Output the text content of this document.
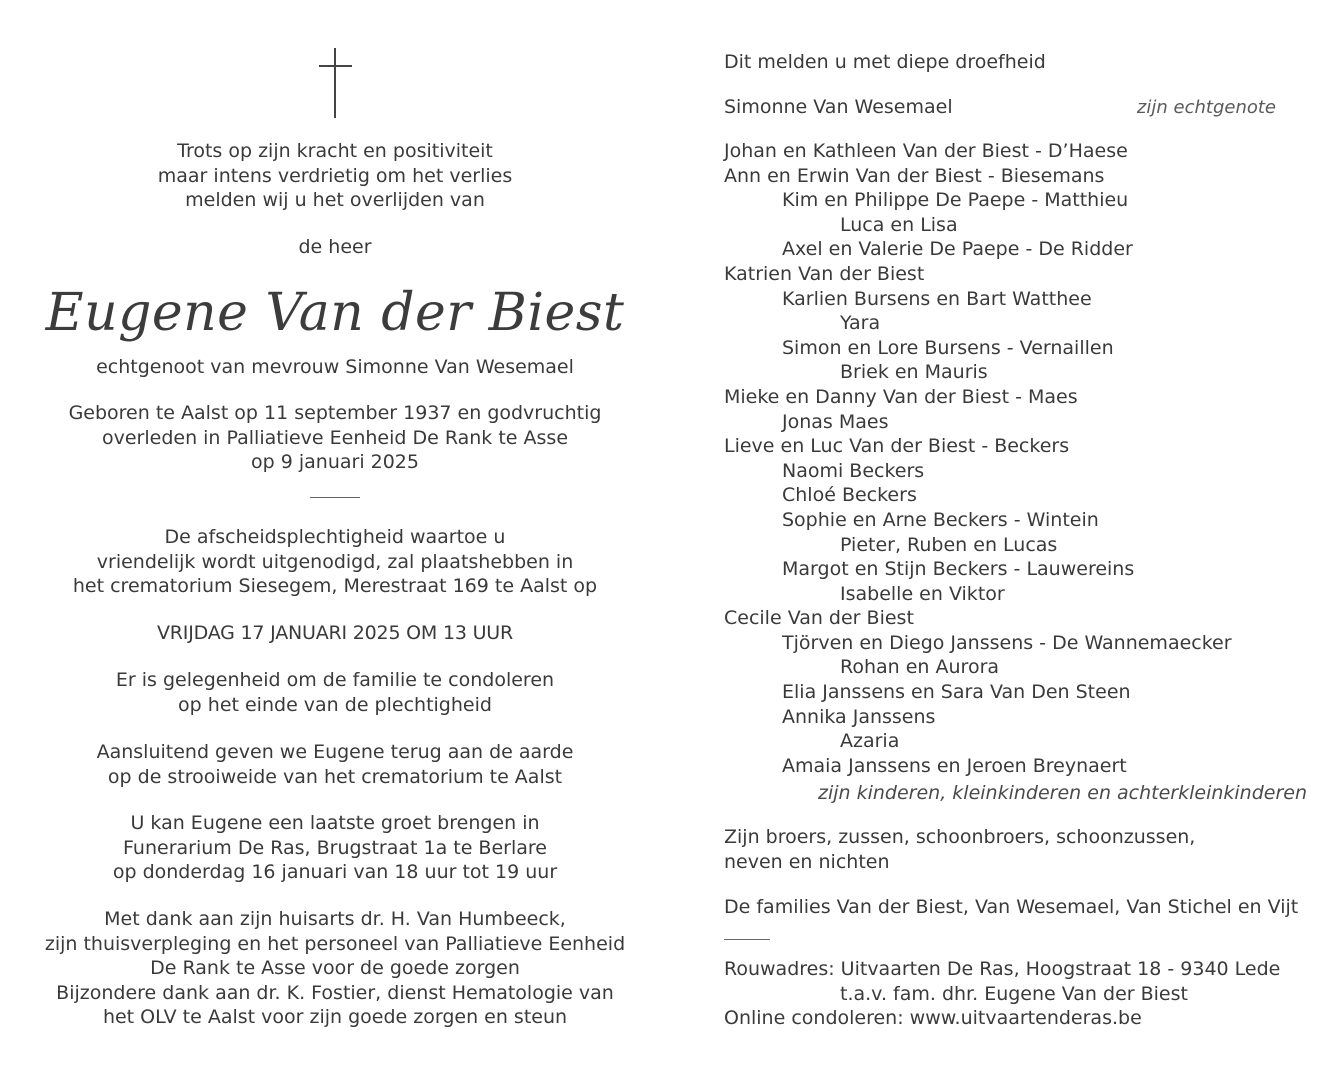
Trots op zijn kracht en positiviteit
maar intens verdrietig om het verlies
melden wij u het overlijden van
de heer
Eugene Van der Biest
echtgenoot van mevrouw Simonne Van Wesemael
Geboren te Aalst op 11 september 1937 en godvruchtig
overleden in Palliatieve Eenheid De Rank te Asse
op 9 januari 2025
De afscheidsplechtigheid waartoe u
vriendelijk wordt uitgenodigd, zal plaatshebben in
het crematorium Siesegem, Merestraat 169 te Aalst op
VRIJDAG 17 JANUARI 2025 OM 13 UUR
Er is gelegenheid om de familie te condoleren
op het einde van de plechtigheid
Aansluitend geven we Eugene terug aan de aarde
op de strooiweide van het crematorium te Aalst
U kan Eugene een laatste groet brengen in
Funerarium De Ras, Brugstraat 1a te Berlare
op donderdag 16 januari van 18 uur tot 19 uur
Met dank aan zijn huisarts dr. H. Van Humbeeck,
zijn thuisverpleging en het personeel van Palliatieve Eenheid
De Rank te Asse voor de goede zorgen
Bijzondere dank aan dr. K. Fostier, dienst Hematologie van
het OLV te Aalst voor zijn goede zorgen en steun
Dit melden u met diepe droefheid
Simonne Van Wesemael	zijn echtgenote
Johan en Kathleen Van der Biest - D’Haese
Ann en Erwin Van der Biest - Biesemans
Kim en Philippe De Paepe - Matthieu
Luca en Lisa
Axel en Valerie De Paepe - De Ridder
Katrien Van der Biest
Karlien Bursens en Bart Watthee
Yara
Simon en Lore Bursens - Vernaillen
Briek en Mauris
Mieke en Danny Van der Biest - Maes
Jonas Maes
Lieve en Luc Van der Biest - Beckers
Naomi Beckers
Chloé Beckers
Sophie en Arne Beckers - Wintein
Pieter, Ruben en Lucas
Margot en Stijn Beckers - Lauwereins
Isabelle en Viktor
Cecile Van der Biest
Tjörven en Diego Janssens - De Wannemaecker
Rohan en Aurora
Elia Janssens en Sara Van Den Steen
Annika Janssens
Azaria
Amaia Janssens en Jeroen Breynaert
zijn kinderen, kleinkinderen en achterkleinkinderen
Zijn broers, zussen, schoonbroers, schoonzussen,
neven en nichten
De families Van der Biest, Van Wesemael, Van Stichel en Vijt
Rouwadres: Uitvaarten De Ras, Hoogstraat 18 - 9340 Lede
t.a.v. fam. dhr. Eugene Van der Biest
Online condoleren: www.uitvaartenderas.be
